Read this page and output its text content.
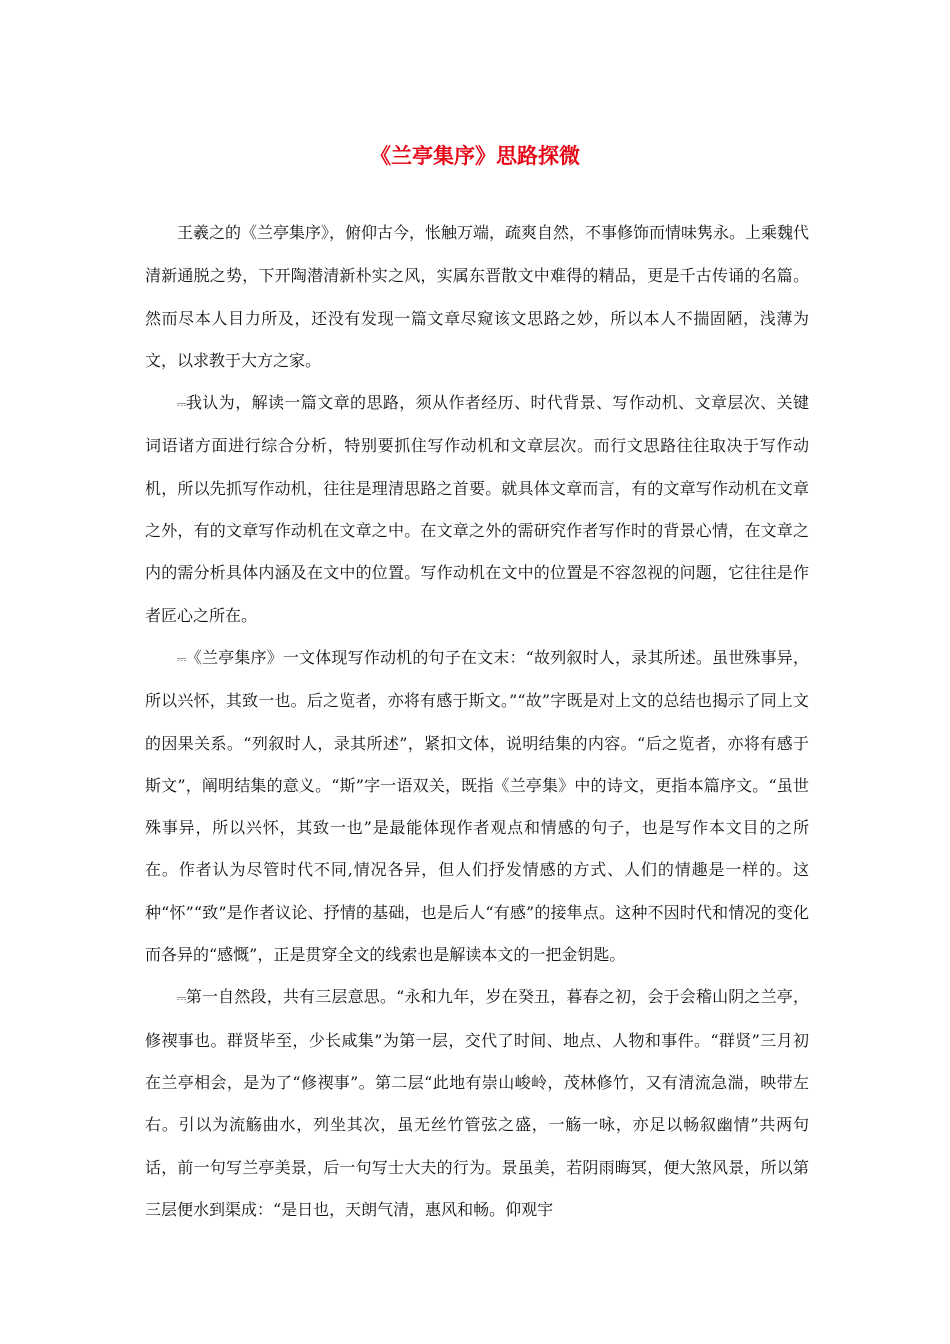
《兰亭集序》思路探微

王羲之的《兰亭集序》，俯仰古今，怅触万端，疏爽自然，不事修饰而情味隽永。上乘魏代清新通脱之势，下开陶潜清新朴实之风，实属东晋散文中难得的精品，更是千古传诵的名篇。然而尽本人目力所及，还没有发现一篇文章尽窥该文思路之妙，所以本人不揣固陋，浅薄为文，以求教于大方之家。

⎓我认为，解读一篇文章的思路，须从作者经历、时代背景、写作动机、文章层次、关键词语诸方面进行综合分析，特别要抓住写作动机和文章层次。而行文思路往往取决于写作动机，所以先抓写作动机，往往是理清思路之首要。就具体文章而言，有的文章写作动机在文章之外，有的文章写作动机在文章之中。在文章之外的需研究作者写作时的背景心情，在文章之内的需分析具体内涵及在文中的位置。写作动机在文中的位置是不容忽视的问题，它往往是作者匠心之所在。

⎓《兰亭集序》一文体现写作动机的句子在文末：“故列叙时人，录其所述。虽世殊事异，所以兴怀，其致一也。后之览者，亦将有感于斯文。”“故”字既是对上文的总结也揭示了同上文的因果关系。“列叙时人，录其所述”，紧扣文体，说明结集的内容。“后之览者，亦将有感于斯文”，阐明结集的意义。“斯”字一语双关，既指《兰亭集》中的诗文，更指本篇序文。“虽世殊事异，所以兴怀，其致一也”是最能体现作者观点和情感的句子，也是写作本文目的之所在。作者认为尽管时代不同,情况各异，但人们抒发情感的方式、人们的情趣是一样的。这种“怀”“致”是作者议论、抒情的基础，也是后人“有感”的接隼点。这种不因时代和情况的变化而各异的“感慨”，正是贯穿全文的线索也是解读本文的一把金钥匙。

⎓第一自然段，共有三层意思。“永和九年，岁在癸丑，暮春之初，会于会稽山阴之兰亭，修禊事也。群贤毕至，少长咸集”为第一层，交代了时间、地点、人物和事件。“群贤”三月初在兰亭相会，是为了“修禊事”。第二层“此地有崇山峻岭，茂林修竹，又有清流急湍，映带左右。引以为流觞曲水，列坐其次，虽无丝竹管弦之盛，一觞一咏，亦足以畅叙幽情”共两句话，前一句写兰亭美景，后一句写士大夫的行为。景虽美，若阴雨晦冥，便大煞风景，所以第三层便水到渠成：“是日也，天朗气清，惠风和畅。仰观宇
